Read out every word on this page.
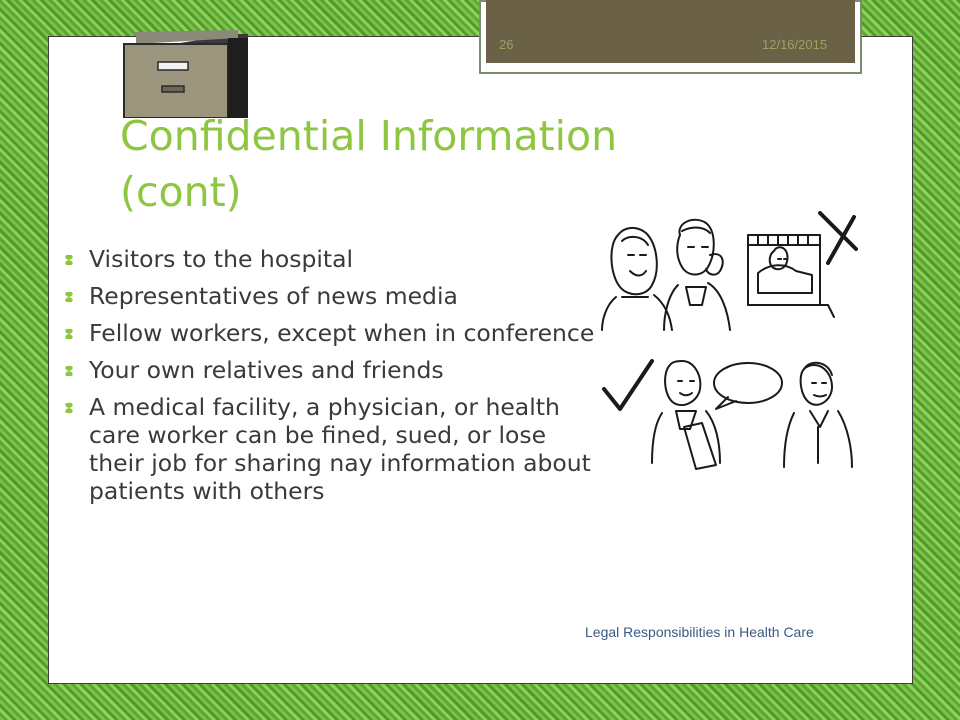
26	12/16/2015
Confidential Information
(cont)
Visitors to the hospital
Representatives of news media
Fellow workers, except when in conference
Your own relatives and friends
A medical facility, a physician, or health care worker can be fined, sued, or lose their job for sharing nay information about patients with others
Legal Responsibilities in Health Care
